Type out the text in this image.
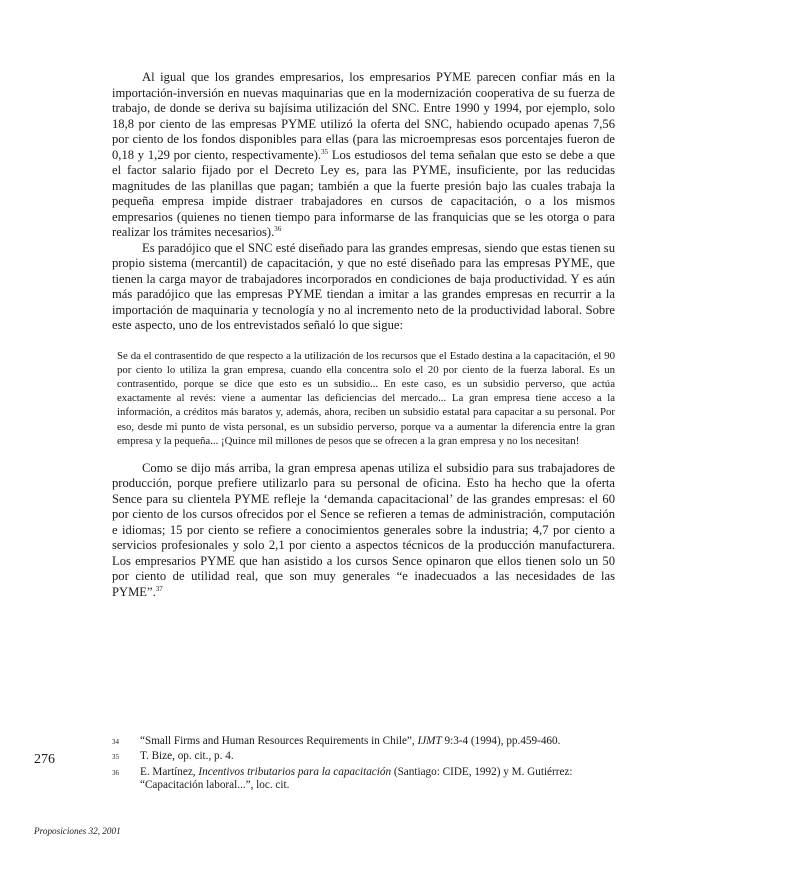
Al igual que los grandes empresarios, los empresarios PYME parecen confiar más en la importación-inversión en nuevas maquinarias que en la modernización cooperativa de su fuerza de trabajo, de donde se deriva su bajísima utilización del SNC. Entre 1990 y 1994, por ejemplo, solo 18,8 por ciento de las empresas PYME utilizó la oferta del SNC, habiendo ocupado apenas 7,56 por ciento de los fondos disponibles para ellas (para las microempresas esos porcentajes fueron de 0,18 y 1,29 por ciento, respectivamente).$^{35}$ Los estudiosos del tema señalan que esto se debe a que el factor salario fijado por el Decreto Ley es, para las PYME, insuficiente, por las reducidas magnitudes de las planillas que pagan; también a que la fuerte presión bajo las cuales trabaja la pequeña empresa impide distraer trabajadores en cursos de capacitación, o a los mismos empresarios (quienes no tienen tiempo para informarse de las franquicias que se les otorga o para realizar los trámites necesarios).$^{36}$

Es paradójico que el SNC esté diseñado para las grandes empresas, siendo que estas tienen su propio sistema (mercantil) de capacitación, y que no esté diseñado para las empresas PYME, que tienen la carga mayor de trabajadores incorporados en condiciones de baja productividad. Y es aún más paradójico que las empresas PYME tiendan a imitar a las grandes empresas en recurrir a la importación de maquinaria y tecnología y no al incremento neto de la productividad laboral. Sobre este aspecto, uno de los entrevistados señaló lo que sigue:

Se da el contrasentido de que respecto a la utilización de los recursos que el Estado destina a la capacitación, el 90 por ciento lo utiliza la gran empresa, cuando ella concentra solo el 20 por ciento de la fuerza laboral. Es un contrasentido, porque se dice que esto es un subsidio... En este caso, es un subsidio perverso, que actúa exactamente al revés: viene a aumentar las deficiencias del mercado... La gran empresa tiene acceso a la información, a créditos más baratos y, además, ahora, reciben un subsidio estatal para capacitar a su personal. Por eso, desde mi punto de vista personal, es un subsidio perverso, porque va a aumentar la diferencia entre la gran empresa y la pequeña... ¡Quince mil millones de pesos que se ofrecen a la gran empresa y no los necesitan!

Como se dijo más arriba, la gran empresa apenas utiliza el subsidio para sus trabajadores de producción, porque prefiere utilizarlo para su personal de oficina. Esto ha hecho que la oferta Sence para su clientela PYME refleje la ‘demanda capacitacional’ de las grandes empresas: el 60 por ciento de los cursos ofrecidos por el Sence se refieren a temas de administración, computación e idiomas; 15 por ciento se refiere a conocimientos generales sobre la industria; 4,7 por ciento a servicios profesionales y solo 2,1 por ciento a aspectos técnicos de la producción manufacturera. Los empresarios PYME que han asistido a los cursos Sence opinaron que ellos tienen solo un 50 por ciento de utilidad real, que son muy generales “e inadecuados a las necesidades de las PYME”.$^{37}$

34	“Small Firms and Human Resources Requirements in Chile”, IJMT 9:3-4 (1994), pp.459-460.
35	T. Bize, op. cit., p. 4.
36	E. Martínez, Incentivos tributarios para la capacitación (Santiago: CIDE, 1992) y M. Gutiérrez: “Capacitación laboral...”, loc. cit.
276
Proposiciones 32, 2001
